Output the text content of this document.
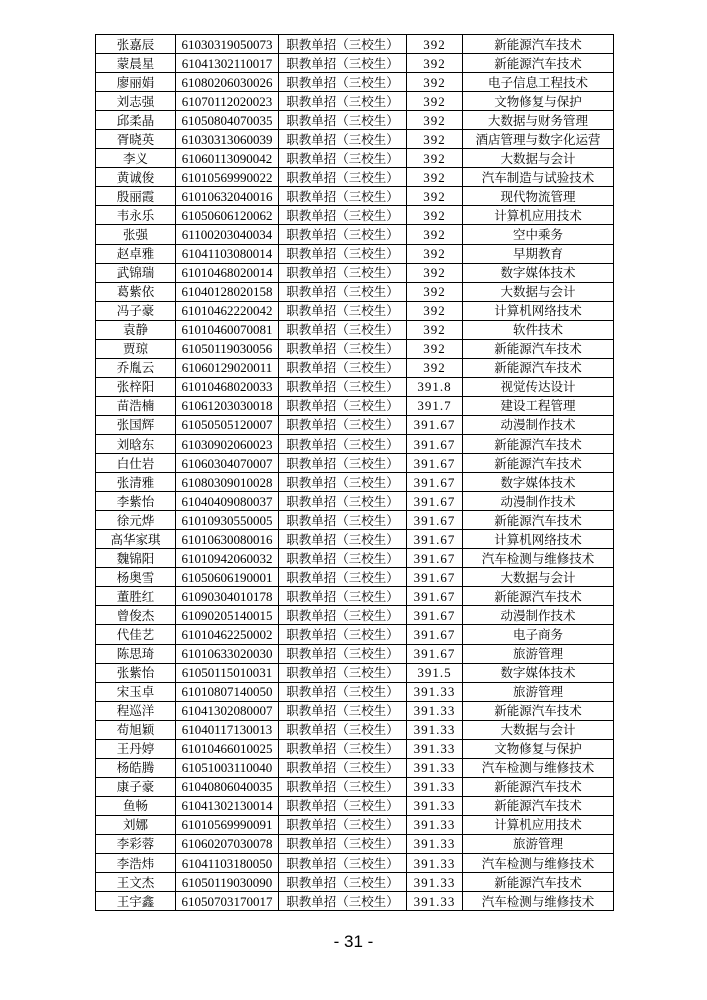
张嘉辰	61030319050073	职教单招（三校生）	392	新能源汽车技术
蒙晨星	61041302110017	职教单招（三校生）	392	新能源汽车技术
廖丽娟	61080206030026	职教单招（三校生）	392	电子信息工程技术
刘志强	61070112020023	职教单招（三校生）	392	文物修复与保护
邱柔晶	61050804070035	职教单招（三校生）	392	大数据与财务管理
胥晓英	61030313060039	职教单招（三校生）	392	酒店管理与数字化运营
李义	61060113090042	职教单招（三校生）	392	大数据与会计
黄诚俊	61010569990022	职教单招（三校生）	392	汽车制造与试验技术
殷丽霞	61010632040016	职教单招（三校生）	392	现代物流管理
韦永乐	61050606120062	职教单招（三校生）	392	计算机应用技术
张强	61100203040034	职教单招（三校生）	392	空中乘务
赵卓雅	61041103080014	职教单招（三校生）	392	早期教育
武锦瑞	61010468020014	职教单招（三校生）	392	数字媒体技术
葛紫依	61040128020158	职教单招（三校生）	392	大数据与会计
冯子豪	61010462220042	职教单招（三校生）	392	计算机网络技术
袁静	61010460070081	职教单招（三校生）	392	软件技术
贾琼	61050119030056	职教单招（三校生）	392	新能源汽车技术
乔胤云	61060129020011	职教单招（三校生）	392	新能源汽车技术
张梓阳	61010468020033	职教单招（三校生）	391.8	视觉传达设计
苗浩楠	61061203030018	职教单招（三校生）	391.7	建设工程管理
张国辉	61050505120007	职教单招（三校生）	391.67	动漫制作技术
刘晗东	61030902060023	职教单招（三校生）	391.67	新能源汽车技术
白仕岩	61060304070007	职教单招（三校生）	391.67	新能源汽车技术
张清雅	61080309010028	职教单招（三校生）	391.67	数字媒体技术
李紫怡	61040409080037	职教单招（三校生）	391.67	动漫制作技术
徐元烨	61010930550005	职教单招（三校生）	391.67	新能源汽车技术
高华家琪	61010630080016	职教单招（三校生）	391.67	计算机网络技术
魏锦阳	61010942060032	职教单招（三校生）	391.67	汽车检测与维修技术
杨奥雪	61050606190001	职教单招（三校生）	391.67	大数据与会计
董胜红	61090304010178	职教单招（三校生）	391.67	新能源汽车技术
曾俊杰	61090205140015	职教单招（三校生）	391.67	动漫制作技术
代佳艺	61010462250002	职教单招（三校生）	391.67	电子商务
陈思琦	61010633020030	职教单招（三校生）	391.67	旅游管理
张紫怡	61050115010031	职教单招（三校生）	391.5	数字媒体技术
宋玉卓	61010807140050	职教单招（三校生）	391.33	旅游管理
程巡洋	61041302080007	职教单招（三校生）	391.33	新能源汽车技术
苟旭颖	61040117130013	职教单招（三校生）	391.33	大数据与会计
王丹婷	61010466010025	职教单招（三校生）	391.33	文物修复与保护
杨皓腾	61051003110040	职教单招（三校生）	391.33	汽车检测与维修技术
康子豪	61040806040035	职教单招（三校生）	391.33	新能源汽车技术
鱼畅	61041302130014	职教单招（三校生）	391.33	新能源汽车技术
刘娜	61010569990091	职教单招（三校生）	391.33	计算机应用技术
李彩蓉	61060207030078	职教单招（三校生）	391.33	旅游管理
李浩炜	61041103180050	职教单招（三校生）	391.33	汽车检测与维修技术
王文杰	61050119030090	职教单招（三校生）	391.33	新能源汽车技术
王宇鑫	61050703170017	职教单招（三校生）	391.33	汽车检测与维修技术
- 31 -
